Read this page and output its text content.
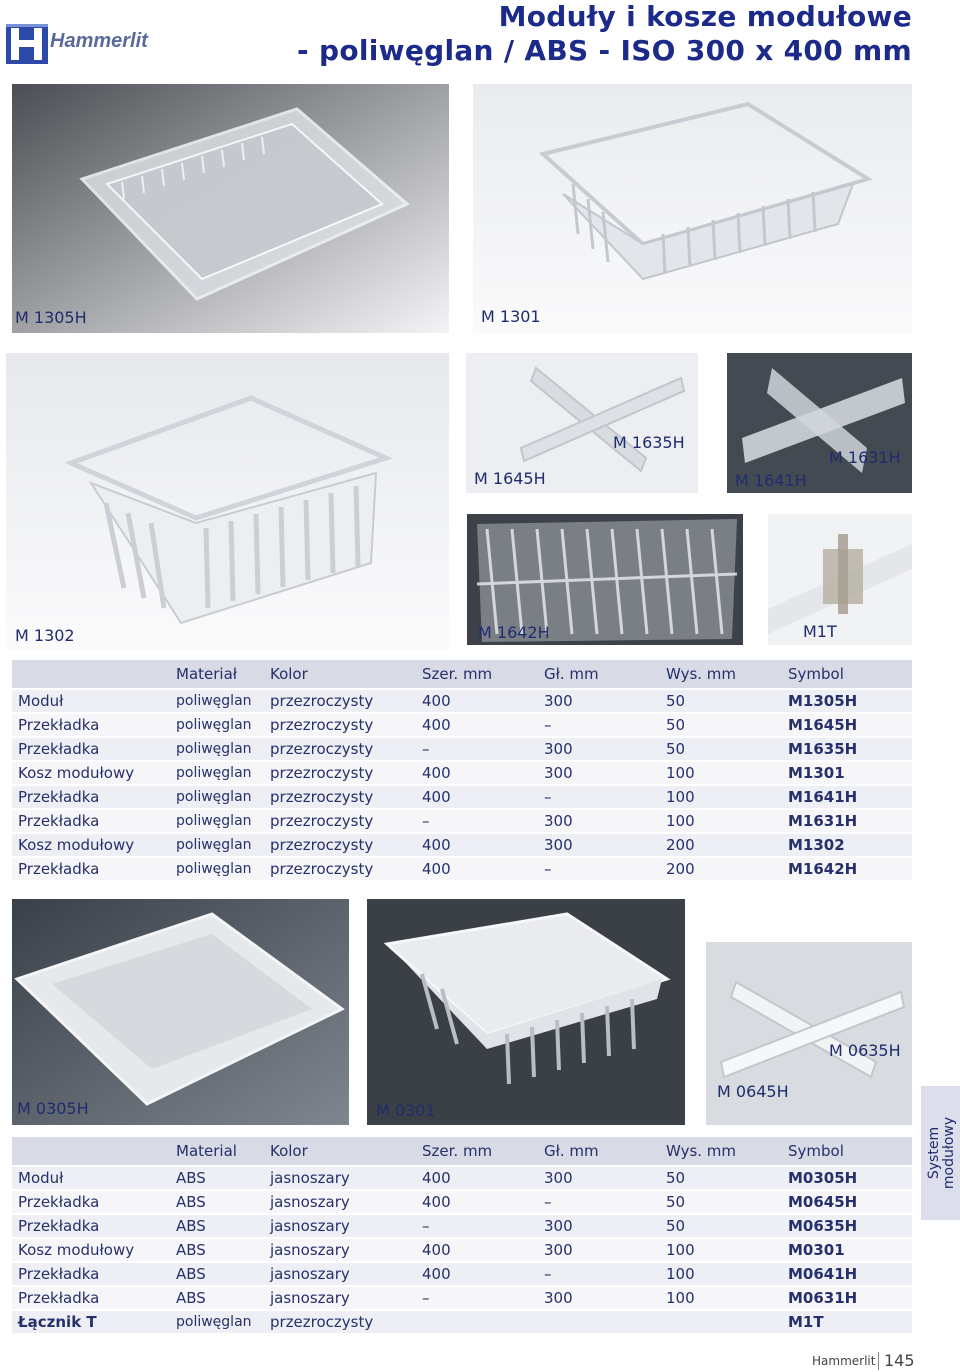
Hammerlit
Moduły i kosze modułowe
- poliwęglan / ABS - ISO 300 x 400 mm
M 1305H	M 1301
M 1302
M 1635H
M 1645H
M 1631H
M 1641H
M 1642H	M1T
	Materiał	Kolor	Szer. mm	Gł. mm	Wys. mm	Symbol
Moduł	poliwęglan	przezroczysty	400	300	50	M1305H
Przekładka	poliwęglan	przezroczysty	400	–	50	M1645H
Przekładka	poliwęglan	przezroczysty	–	300	50	M1635H
Kosz modułowy	poliwęglan	przezroczysty	400	300	100	M1301
Przekładka	poliwęglan	przezroczysty	400	–	100	M1641H
Przekładka	poliwęglan	przezroczysty	–	300	100	M1631H
Kosz modułowy	poliwęglan	przezroczysty	400	300	200	M1302
Przekładka	poliwęglan	przezroczysty	400	–	200	M1642H
M 0305H	M 0301
M 0635H
M 0645H
System
modułowy
	Material	Kolor	Szer. mm	Gł. mm	Wys. mm	Symbol
Moduł	ABS	jasnoszary	400	300	50	M0305H
Przekładka	ABS	jasnoszary	400	–	50	M0645H
Przekładka	ABS	jasnoszary	–	300	50	M0635H
Kosz modułowy	ABS	jasnoszary	400	300	100	M0301
Przekładka	ABS	jasnoszary	400	–	100	M0641H
Przekładka	ABS	jasnoszary	–	300	100	M0631H
Łącznik T	poliwęglan	przezroczysty				M1T
Hammerlit 145
